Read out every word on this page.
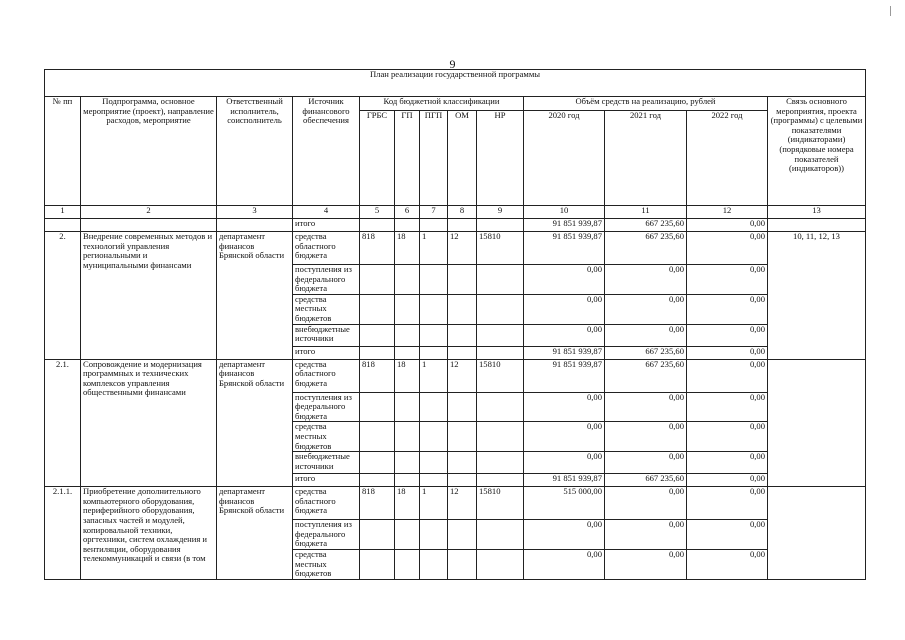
9
План реализации государственной программы												
№ пп	Подпрограмма, основное мероприятие (проект), направление расходов, мероприятие	Ответственный исполнитель, соисполнитель	Источник финансового обеспечения	Код бюджетной классификации					Объём средств на реализацию, рублей			Связь основного мероприятия, проекта (программы) с целевыми показателями (индикаторами) (порядковые номера показателей (индикаторов))
				ГРБС	ГП	ПГП	ОМ	НР	2020 год	2021 год	2022 год	
1	2	3	4	5	6	7	8	9	10	11	12	13
			итого						91 851 939,87	667 235,60	0,00	
2.	Внедрение современных методов и технологий управления региональными и муниципальными финансами	департамент финансов Брянской области	средства областного бюджета	818	18	1	12	15810	91 851 939,87	667 235,60	0,00	10, 11, 12, 13
			поступления из федерального бюджета						0,00	0,00	0,00	
			средства местных бюджетов						0,00	0,00	0,00	
			внебюджетные источники						0,00	0,00	0,00	
			итого						91 851 939,87	667 235,60	0,00	
2.1.	Сопровождение и модернизация программных и технических комплексов управления общественными финансами	департамент финансов Брянской области	средства областного бюджета	818	18	1	12	15810	91 851 939,87	667 235,60	0,00	
			поступления из федерального бюджета						0,00	0,00	0,00	
			средства местных бюджетов						0,00	0,00	0,00	
			внебюджетные источники						0,00	0,00	0,00	
			итого						91 851 939,87	667 235,60	0,00	
2.1.1.	Приобретение дополнительного компьютерного оборудования, периферийного оборудования, запасных частей и модулей, копировальной техники, оргтехники, систем охлаждения и вентиляции, оборудования телекоммуникаций и связи (в том	департамент финансов Брянской области	средства областного бюджета	818	18	1	12	15810	515 000,00	0,00	0,00	
			поступления из федерального бюджета						0,00	0,00	0,00	
			средства местных бюджетов						0,00	0,00	0,00	
